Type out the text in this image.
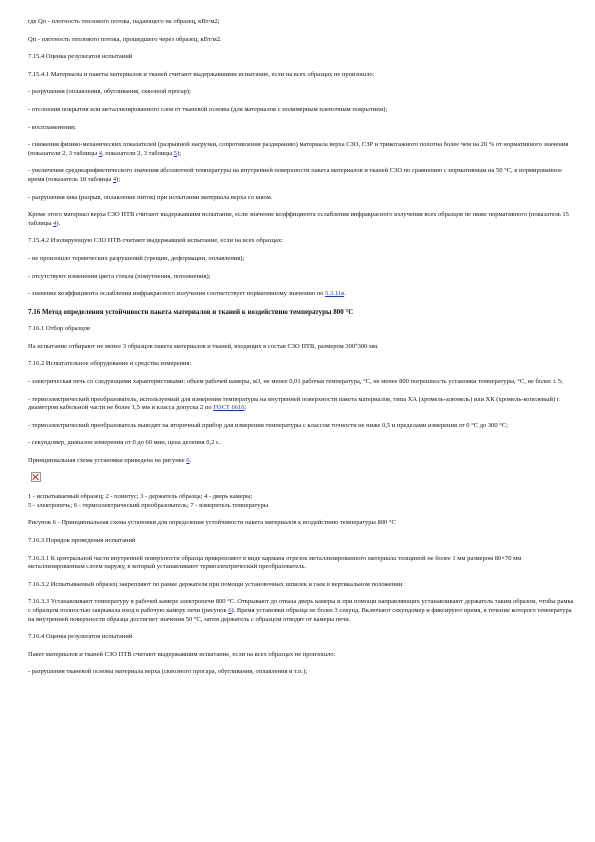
где Qo - плотность теплового потока, падающего на образец, кВт/м2;

Qп - плотность теплового потока, прошедшего через образец, кВт/м2.

7.15.4 Оценка результатов испытаний

7.15.4.1 Материалы и пакеты материалов и тканей считают выдержавшими испытание, если на всех образцах не произошло:

- разрушения (оплавления, обугливания, сквозной прогар);

- отслоения покрытия или металлизированного слоя от тканевой основы (для материалов с полимерным пленочным покрытием);

- воспламенения;

- снижения физико-механических показателей (разрывной нагрузки, сопротивления раздиранию) материала верха СЗО, СЗР и трикотажного полотна более чем на 20 % от нормативного значения (показатели 2, 3 таблицы 4, показатели 2, 3 таблицы 5);

- увеличения среднеарифметического значения абсолютной температуры на внутренней поверхности пакета материалов и тканей СЗО по сравнению с нормативным на 50 °С, в нормированное время (показатель 18 таблицы 4);

- разрушения шва (разрыв, оплавление ниток) при испытании материала верха со швом.

Кроме этого материал верха СЗО ПТВ считают выдержавшим испытание, если значение коэффициента ослабления инфракрасного излучения всех образцов не ниже нормативного (показатель 15 таблицы 4).

7.15.4.2 Изолирующую СЗО ПТВ считают выдержавшей испытание, если на всех образцах:

- не произошло термических разрушений (трещин, деформации, оплавления);

- отсутствуют изменения цвета стекла (помутнения, потемнения);

- значение коэффициента ослабления инфракрасного излучения соответствует нормативному значению по 5.3.11в.

7.16 Метод определения устойчивости пакета материалов и тканей к воздействию температуры 800 °С

7.16.1 Отбор образцов

На испытание отбирают не менее 3 образцов пакета материалов и тканей, входящих в состав СЗО ПТВ, размером 300˟300 мм.

7.16.2 Испытательное оборудование и средства измерения:

- электрическая печь со следующими характеристиками: объем рабочей камеры, м3, не менее 0,01 рабочая температура, °С, не менее 800 погрешность установки температуры, °С, не более ± 5;

- термоэлектрический преобразователь, используемый для измерения температуры на внутренней поверхности пакета материалов, типа ХА (хромель-алюмель) или ХК (хромель-копелевый) с диаметром кабельной части не более 1,5 мм и класса допуска 2 по ГОСТ 6616;

- термоэлектрический преобразователь выводят на вторичный прибор для измерения температуры с классом точности не ниже 0,5 и пределами измерения от 0 °С до 300 °С;

- секундомер, диапазон измерения от 0 до 60 мин, цена деления 0,2 с.

Принципиальная схема установки приведена на рисунке 6.

1 - испытываемый образец; 2 - плинтус; 3 - держатель образца; 4 - дверь камеры;
5 - электропечь; 6 - термоэлектрический преобразователь; 7 - измеритель температуры

Рисунок 6 - Принципиальная схема установки для определения устойчивости пакета материалов к воздействию температуры 800 °С

7.16.3 Порядок проведения испытаний

7.16.3.1 К центральной части внутренней поверхности образца прикрепляют в виде кармана отрезок металлизированного материала толщиной не более 1 мм размером 80×70 мм металлизированным слоем наружу, в который устанавливают термоэлектрический преобразователь.

7.16.3.2 Испытываемый образец закрепляют по рамке держателя при помощи установочных шпилек и гаек в вертикальном положении.

7.16.3.3 Устанавливают температуру в рабочей камере электропечи 800 °С. Открывают до отказа дверь камеры и при помощи направляющих устанавливают держатель таким образом, чтобы рамка с образцом полностью закрывала вход в рабочую камеру печи (рисунок 6). Время установки образца не более 3 секунд. Включают секундомер и фиксируют время, в течение которого температура на внутренней поверхности образца достигнет значения 50 °С, затем держатель с образцом отводят от камеры печи.

7.16.4 Оценка результатов испытаний

Пакет материалов и тканей СЗО ПТВ считают выдержавшим испытание, если на всех образцах не произошло:

- разрушения тканевой основы материала верха (сквозного прогара, обугливания, оплавления и т.п.);
